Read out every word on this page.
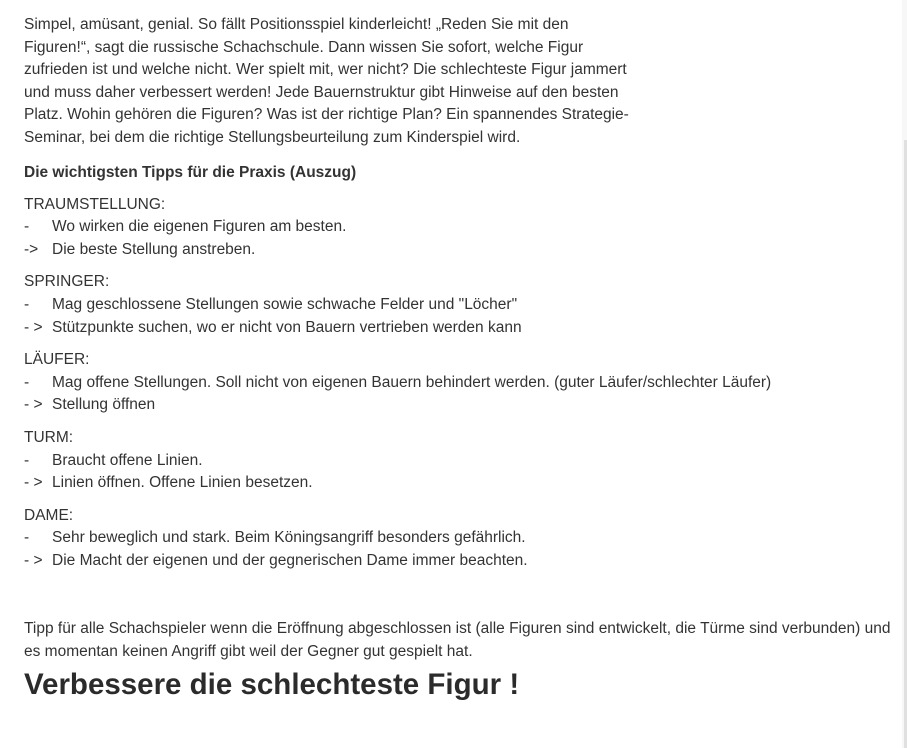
Simpel, amüsant, genial. So fällt Positionsspiel kinderleicht! „Reden Sie mit den Figuren!“, sagt die russische Schachschule. Dann wissen Sie sofort, welche Figur zufrieden ist und welche nicht. Wer spielt mit, wer nicht? Die schlechteste Figur jammert und muss daher verbessert werden! Jede Bauernstruktur gibt Hinweise auf den besten Platz. Wohin gehören die Figuren? Was ist der richtige Plan? Ein spannendes Strategie-Seminar, bei dem die richtige Stellungsbeurteilung zum Kinderspiel wird.

Die wichtigsten Tipps für die Praxis (Auszug)

TRAUMSTELLUNG:
-	Wo wirken die eigenen Figuren am besten.
-> Die beste Stellung anstreben.
SPRINGER:
-	Mag geschlossene Stellungen sowie schwache Felder und "Löcher"
- > Stützpunkte suchen, wo er nicht von Bauern vertrieben werden kann
LÄUFER:
-	Mag offene Stellungen. Soll nicht von eigenen Bauern behindert werden. (guter Läufer/schlechter Läufer)
- > Stellung öffnen
TURM:
-	Braucht offene Linien.
- > Linien öffnen. Offene Linien besetzen.
DAME:
-	Sehr beweglich und stark. Beim Köningsangriff besonders gefährlich.
- > Die Macht der eigenen und der gegnerischen Dame immer beachten.

Tipp für alle Schachspieler wenn die Eröffnung abgeschlossen ist (alle Figuren sind entwickelt, die Türme sind verbunden) und es momentan keinen Angriff gibt weil der Gegner gut gespielt hat.

Verbessere die schlechteste Figur !
